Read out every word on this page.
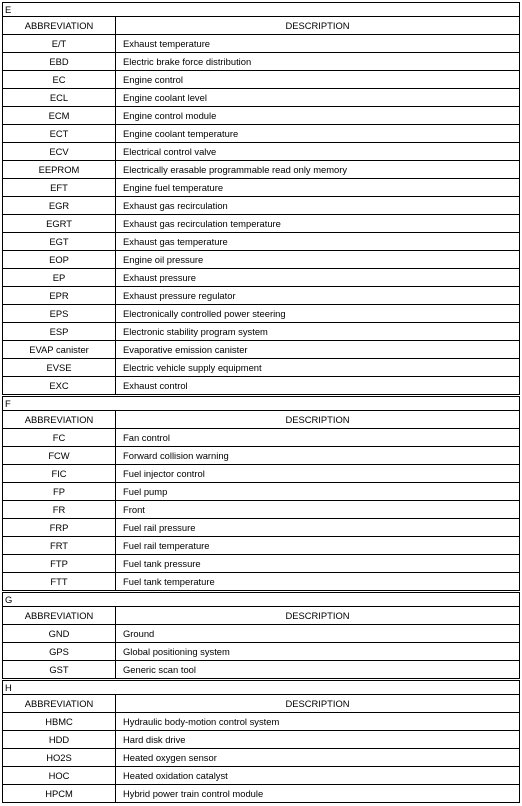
E	
ABBREVIATION	DESCRIPTION
E/T	Exhaust temperature
EBD	Electric brake force distribution
EC	Engine control
ECL	Engine coolant level
ECM	Engine control module
ECT	Engine coolant temperature
ECV	Electrical control valve
EEPROM	Electrically erasable programmable read only memory
EFT	Engine fuel temperature
EGR	Exhaust gas recirculation
EGRT	Exhaust gas recirculation temperature
EGT	Exhaust gas temperature
EOP	Engine oil pressure
EP	Exhaust pressure
EPR	Exhaust pressure regulator
EPS	Electronically controlled power steering
ESP	Electronic stability program system
EVAP canister	Evaporative emission canister
EVSE	Electric vehicle supply equipment
EXC	Exhaust control
F	
ABBREVIATION	DESCRIPTION
FC	Fan control
FCW	Forward collision warning
FIC	Fuel injector control
FP	Fuel pump
FR	Front
FRP	Fuel rail pressure
FRT	Fuel rail temperature
FTP	Fuel tank pressure
FTT	Fuel tank temperature
G	
ABBREVIATION	DESCRIPTION
GND	Ground
GPS	Global positioning system
GST	Generic scan tool
H	
ABBREVIATION	DESCRIPTION
HBMC	Hydraulic body-motion control system
HDD	Hard disk drive
HO2S	Heated oxygen sensor
HOC	Heated oxidation catalyst
HPCM	Hybrid power train control module
